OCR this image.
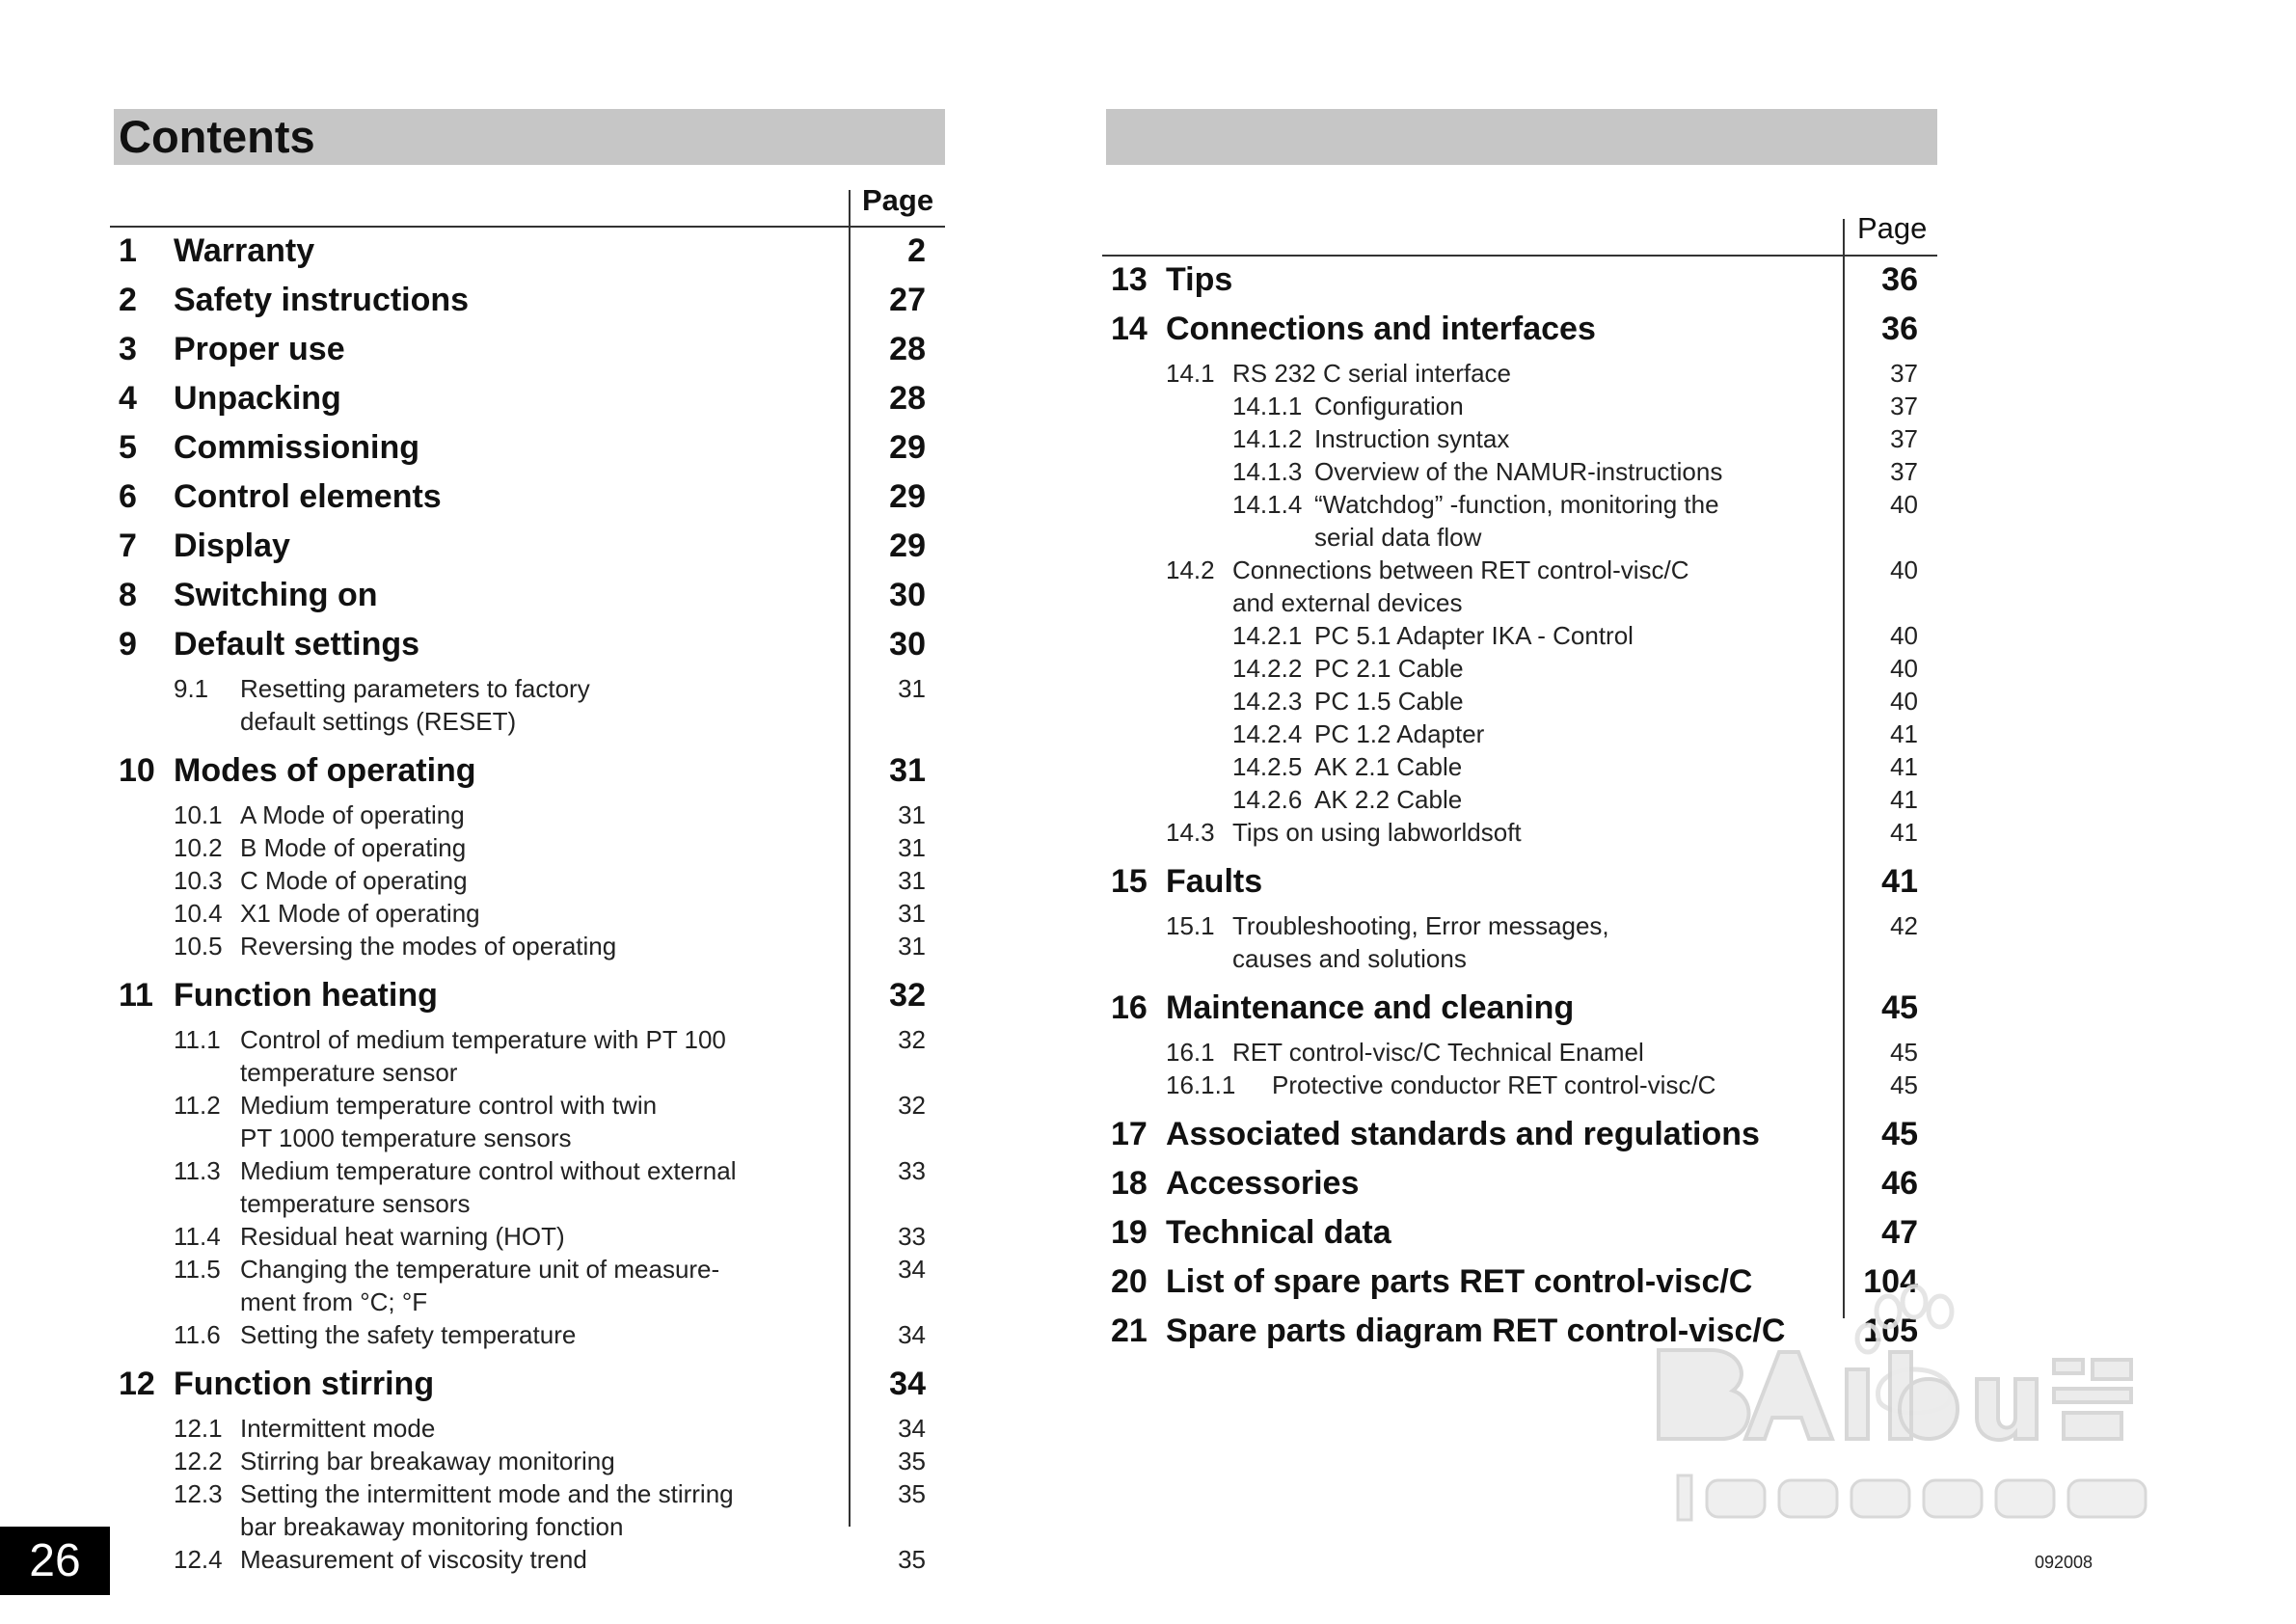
Contents
Page
Page
1 Warranty	2
2 Safety instructions	27
3 Proper use	28
4 Unpacking	28
5 Commissioning	29
6 Control elements	29
7 Display	29
8 Switching on	30
9 Default settings	30
9.1 Resetting parameters to factory	31
default settings (RESET)
10 Modes of operating	31
10.1 A Mode of operating	31
10.2 B Mode of operating	31
10.3 C Mode of operating	31
10.4 X1 Mode of operating	31
10.5 Reversing the modes of operating	31
11 Function heating	32
11.1 Control of medium temperature with PT 100	32
temperature sensor
11.2 Medium temperature control with twin	32
PT 1000 temperature sensors
11.3 Medium temperature control without external	33
temperature sensors
11.4 Residual heat warning (HOT)	33
11.5 Changing the temperature unit of measure-	34
ment from °C; °F
11.6 Setting the safety temperature	34
12 Function stirring	34
12.1 Intermittent mode	34
12.2 Stirring bar breakaway monitoring	35
12.3 Setting the intermittent mode and the stirring	35
bar breakaway monitoring fonction
12.4 Measurement of viscosity trend	35
13 Tips	36
14 Connections and interfaces	36
14.1 RS 232 C serial interface	37
14.1.1 Configuration	37
14.1.2 Instruction syntax	37
14.1.3 Overview of the NAMUR-instructions	37
14.1.4 “Watchdog” -function, monitoring the	40
serial data flow
14.2 Connections between RET control-visc/C	40
and external devices
14.2.1 PC 5.1 Adapter IKA - Control	40
14.2.2 PC 2.1 Cable	40
14.2.3 PC 1.5 Cable	40
14.2.4 PC 1.2 Adapter	41
14.2.5 AK 2.1 Cable	41
14.2.6 AK 2.2 Cable	41
14.3 Tips on using labworldsoft	41
15 Faults	41
15.1 Troubleshooting, Error messages,	42
causes and solutions
16 Maintenance and cleaning	45
16.1 RET control-visc/C Technical Enamel	45
16.1.1 Protective conductor RET control-visc/C	45
17 Associated standards and regulations	45
18 Accessories	46
19 Technical data	47
20 List of spare parts RET control-visc/C	104
21 Spare parts diagram RET control-visc/C 105
26	092008
